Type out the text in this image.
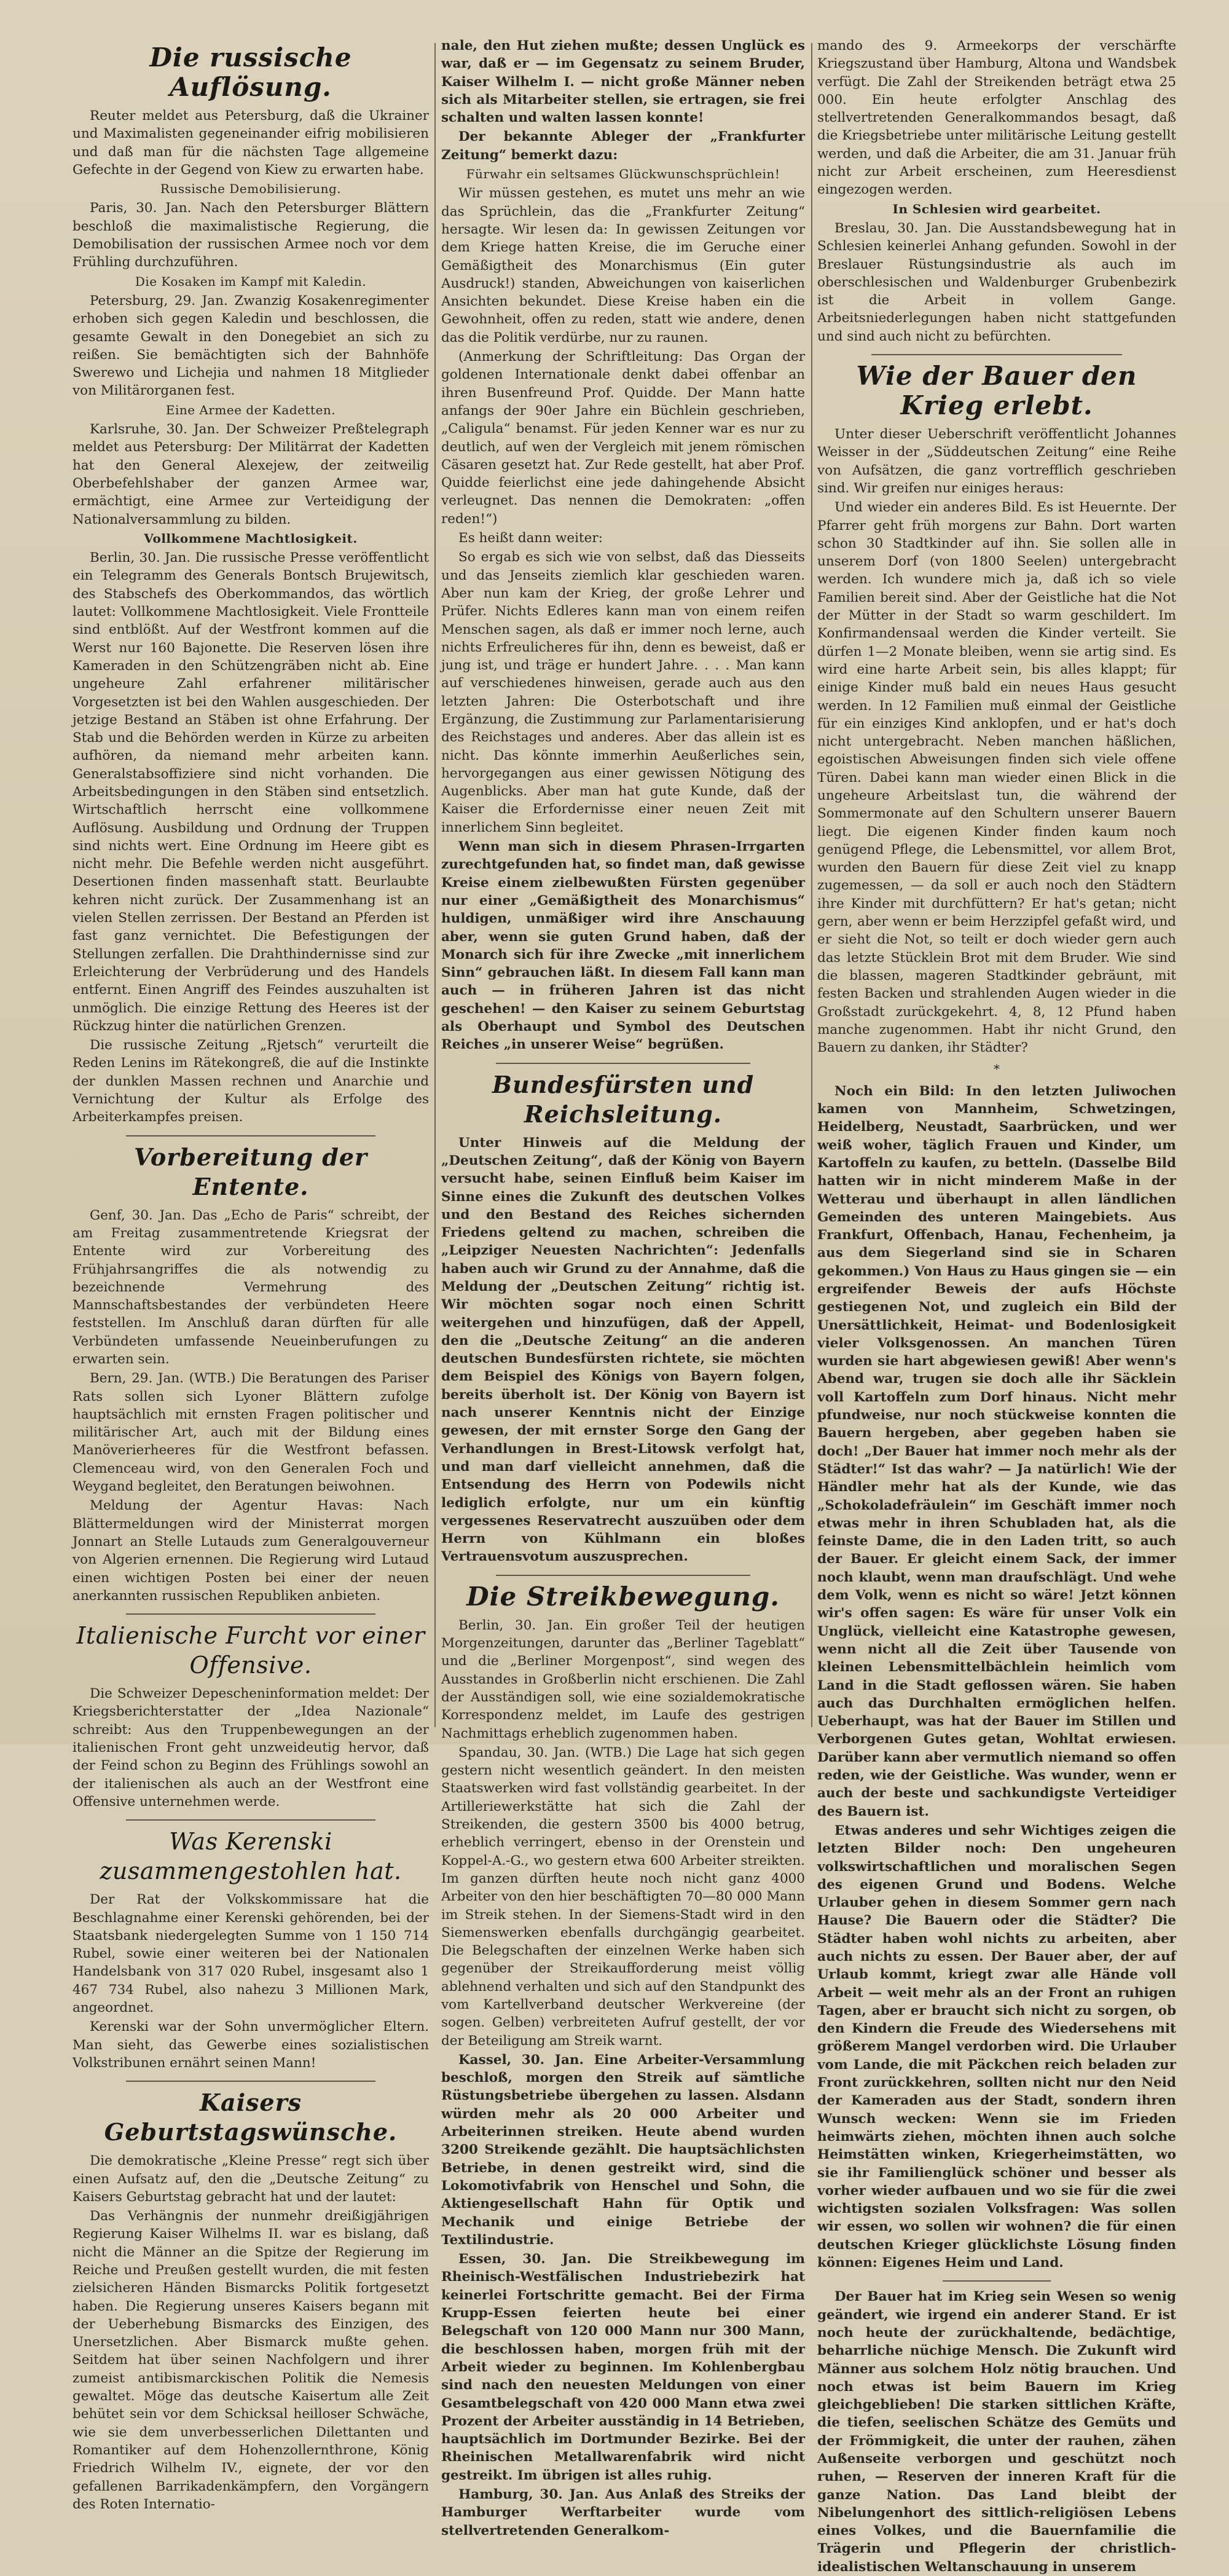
Die russische Auflösung.

Reuter meldet aus Petersburg, daß die Ukrainer und Maximalisten gegeneinander eifrig mobilisieren und daß man für die nächsten Tage allgemeine Gefechte in der Gegend von Kiew zu erwarten habe.

Russische Demobilisierung.

Paris, 30. Jan. Nach den Petersburger Blättern beschloß die maximalistische Regierung, die Demobilisation der russischen Armee noch vor dem Frühling durchzuführen.

Die Kosaken im Kampf mit Kaledin.

Petersburg, 29. Jan. Zwanzig Kosakenregimenter erhoben sich gegen Kaledin und beschlossen, die gesamte Gewalt in den Donegebiet an sich zu reißen. Sie bemächtigten sich der Bahnhöfe Swerewo und Lichejia und nahmen 18 Mitglieder von Militärorganen fest.

Eine Armee der Kadetten.

Karlsruhe, 30. Jan. Der Schweizer Preßtelegraph meldet aus Petersburg: Der Militärrat der Kadetten hat den General Alexejew, der zeitweilig Oberbefehlshaber der ganzen Armee war, ermächtigt, eine Armee zur Verteidigung der Nationalversammlung zu bilden.

Vollkommene Machtlosigkeit.

Berlin, 30. Jan. Die russische Presse veröffentlicht ein Telegramm des Generals Bontsch Brujewitsch, des Stabschefs des Oberkommandos, das wörtlich lautet: Vollkommene Machtlosigkeit. Viele Frontteile sind entblößt. Auf der Westfront kommen auf die Werst nur 160 Bajonette. Die Reserven lösen ihre Kameraden in den Schützengräben nicht ab. Eine ungeheure Zahl erfahrener militärischer Vorgesetzten ist bei den Wahlen ausgeschieden. Der jetzige Bestand an Stäben ist ohne Erfahrung. Der Stab und die Behörden werden in Kürze zu arbeiten aufhören, da niemand mehr arbeiten kann. Generalstabsoffiziere sind nicht vorhanden. Die Arbeitsbedingungen in den Stäben sind entsetzlich. Wirtschaftlich herrscht eine vollkommene Auflösung. Ausbildung und Ordnung der Truppen sind nichts wert. Eine Ordnung im Heere gibt es nicht mehr. Die Befehle werden nicht ausgeführt. Desertionen finden massenhaft statt. Beurlaubte kehren nicht zurück. Der Zusammenhang ist an vielen Stellen zerrissen. Der Bestand an Pferden ist fast ganz vernichtet. Die Befestigungen der Stellungen zerfallen. Die Drahthindernisse sind zur Erleichterung der Verbrüderung und des Handels entfernt. Einen Angriff des Feindes auszuhalten ist unmöglich. Die einzige Rettung des Heeres ist der Rückzug hinter die natürlichen Grenzen.

Die russische Zeitung „Rjetsch“ verurteilt die Reden Lenins im Rätekongreß, die auf die Instinkte der dunklen Massen rechnen und Anarchie und Vernichtung der Kultur als Erfolge des Arbeiterkampfes preisen.

Vorbereitung der Entente.

Genf, 30. Jan. Das „Echo de Paris“ schreibt, der am Freitag zusammentretende Kriegsrat der Entente wird zur Vorbereitung des Frühjahrsangriffes die als notwendig zu bezeichnende Vermehrung des Mannschaftsbestandes der verbündeten Heere feststellen. Im Anschluß daran dürften für alle Verbündeten umfassende Neueinberufungen zu erwarten sein.

Bern, 29. Jan. (WTB.) Die Beratungen des Pariser Rats sollen sich Lyoner Blättern zufolge hauptsächlich mit ernsten Fragen politischer und militärischer Art, auch mit der Bildung eines Manöverierheeres für die Westfront befassen. Clemenceau wird, von den Generalen Foch und Weygand begleitet, den Beratungen beiwohnen.

Meldung der Agentur Havas: Nach Blättermeldungen wird der Ministerrat morgen Jonnart an Stelle Lutauds zum Generalgouverneur von Algerien ernennen. Die Regierung wird Lutaud einen wichtigen Posten bei einer der neuen anerkannten russischen Republiken anbieten.

Italienische Furcht vor einer Offensive.

Die Schweizer Depescheninformation meldet: Der Kriegsberichterstatter der „Idea Nazionale“ schreibt: Aus den Truppenbewegungen an der italienischen Front geht unzweideutig hervor, daß der Feind schon zu Beginn des Frühlings sowohl an der italienischen als auch an der Westfront eine Offensive unternehmen werde.

Was Kerenski zusammengestohlen hat.

Der Rat der Volkskommissare hat die Beschlagnahme einer Kerenski gehörenden, bei der Staatsbank niedergelegten Summe von 1 150 714 Rubel, sowie einer weiteren bei der Nationalen Handelsbank von 317 020 Rubel, insgesamt also 1 467 734 Rubel, also nahezu 3 Millionen Mark, angeordnet.

Kerenski war der Sohn unvermöglicher Eltern. Man sieht, das Gewerbe eines sozialistischen Volkstribunen ernährt seinen Mann!

Kaisers Geburtstagswünsche.

Die demokratische „Kleine Presse“ regt sich über einen Aufsatz auf, den die „Deutsche Zeitung“ zu Kaisers Geburtstag gebracht hat und der lautet:

Das Verhängnis der nunmehr dreißigjährigen Regierung Kaiser Wilhelms II. war es bislang, daß nicht die Männer an die Spitze der Regierung im Reiche und Preußen gestellt wurden, die mit festen zielsicheren Händen Bismarcks Politik fortgesetzt haben. Die Regierung unseres Kaisers begann mit der Ueberhebung Bismarcks des Einzigen, des Unersetzlichen. Aber Bismarck mußte gehen. Seitdem hat über seinen Nachfolgern und ihrer zumeist antibismarckischen Politik die Nemesis gewaltet. Möge das deutsche Kaisertum alle Zeit behütet sein vor dem Schicksal heilloser Schwäche, wie sie dem unverbesserlichen Dilettanten und Romantiker auf dem Hohenzollernthrone, König Friedrich Wilhelm IV., eignete, der vor den gefallenen Barrikadenkämpfern, den Vorgängern des Roten Internatio-

nale, den Hut ziehen mußte; dessen Unglück es war, daß er — im Gegensatz zu seinem Bruder, Kaiser Wilhelm I. — nicht große Männer neben sich als Mitarbeiter stellen, sie ertragen, sie frei schalten und walten lassen konnte!

Der bekannte Ableger der „Frankfurter Zeitung“ bemerkt dazu:

Fürwahr ein seltsames Glückwunschsprüchlein!

Wir müssen gestehen, es mutet uns mehr an wie das Sprüchlein, das die „Frankfurter Zeitung“ hersagte. Wir lesen da: In gewissen Zeitungen vor dem Kriege hatten Kreise, die im Geruche einer Gemäßigtheit des Monarchismus (Ein guter Ausdruck!) standen, Abweichungen von kaiserlichen Ansichten bekundet. Diese Kreise haben ein die Gewohnheit, offen zu reden, statt wie andere, denen das die Politik verdürbe, nur zu raunen.

(Anmerkung der Schriftleitung: Das Organ der goldenen Internationale denkt dabei offenbar an ihren Busenfreund Prof. Quidde. Der Mann hatte anfangs der 90er Jahre ein Büchlein geschrieben, „Caligula“ benamst. Für jeden Kenner war es nur zu deutlich, auf wen der Vergleich mit jenem römischen Cäsaren gesetzt hat. Zur Rede gestellt, hat aber Prof. Quidde feierlichst eine jede dahingehende Absicht verleugnet. Das nennen die Demokraten: „offen reden!“)

Es heißt dann weiter:

So ergab es sich wie von selbst, daß das Diesseits und das Jenseits ziemlich klar geschieden waren. Aber nun kam der Krieg, der große Lehrer und Prüfer. Nichts Edleres kann man von einem reifen Menschen sagen, als daß er immer noch lerne, auch nichts Erfreulicheres für ihn, denn es beweist, daß er jung ist, und träge er hundert Jahre. . . . Man kann auf verschiedenes hinweisen, gerade auch aus den letzten Jahren: Die Osterbotschaft und ihre Ergänzung, die Zustimmung zur Parlamentarisierung des Reichstages und anderes. Aber das allein ist es nicht. Das könnte immerhin Aeußerliches sein, hervorgegangen aus einer gewissen Nötigung des Augenblicks. Aber man hat gute Kunde, daß der Kaiser die Erfordernisse einer neuen Zeit mit innerlichem Sinn begleitet.

Wenn man sich in diesem Phrasen-Irrgarten zurechtgefunden hat, so findet man, daß gewisse Kreise einem zielbewußten Fürsten gegenüber nur einer „Gemäßigtheit des Monarchismus“ huldigen, unmäßiger wird ihre Anschauung aber, wenn sie guten Grund haben, daß der Monarch sich für ihre Zwecke „mit innerlichem Sinn“ gebrauchen läßt. In diesem Fall kann man auch — in früheren Jahren ist das nicht geschehen! — den Kaiser zu seinem Geburtstag als Oberhaupt und Symbol des Deutschen Reiches „in unserer Weise“ begrüßen.

Bundesfürsten und Reichsleitung.

Unter Hinweis auf die Meldung der „Deutschen Zeitung“, daß der König von Bayern versucht habe, seinen Einfluß beim Kaiser im Sinne eines die Zukunft des deutschen Volkes und den Bestand des Reiches sichernden Friedens geltend zu machen, schreiben die „Leipziger Neuesten Nachrichten“: Jedenfalls haben auch wir Grund zu der Annahme, daß die Meldung der „Deutschen Zeitung“ richtig ist. Wir möchten sogar noch einen Schritt weitergehen und hinzufügen, daß der Appell, den die „Deutsche Zeitung“ an die anderen deutschen Bundesfürsten richtete, sie möchten dem Beispiel des Königs von Bayern folgen, bereits überholt ist. Der König von Bayern ist nach unserer Kenntnis nicht der Einzige gewesen, der mit ernster Sorge den Gang der Verhandlungen in Brest-Litowsk verfolgt hat, und man darf vielleicht annehmen, daß die Entsendung des Herrn von Podewils nicht lediglich erfolgte, nur um ein künftig vergessenes Reservatrecht auszuüben oder dem Herrn von Kühlmann ein bloßes Vertrauensvotum auszusprechen.

Die Streikbewegung.

Berlin, 30. Jan. Ein großer Teil der heutigen Morgenzeitungen, darunter das „Berliner Tageblatt“ und die „Berliner Morgenpost“, sind wegen des Ausstandes in Großberlin nicht erschienen. Die Zahl der Ausständigen soll, wie eine sozialdemokratische Korrespondenz meldet, im Laufe des gestrigen Nachmittags erheblich zugenommen haben.

Spandau, 30. Jan. (WTB.) Die Lage hat sich gegen gestern nicht wesentlich geändert. In den meisten Staatswerken wird fast vollständig gearbeitet. In der Artilleriewerkstätte hat sich die Zahl der Streikenden, die gestern 3500 bis 4000 betrug, erheblich verringert, ebenso in der Orenstein und Koppel-A.-G., wo gestern etwa 600 Arbeiter streikten. Im ganzen dürften heute noch nicht ganz 4000 Arbeiter von den hier beschäftigten 70—80 000 Mann im Streik stehen. In der Siemens-Stadt wird in den Siemenswerken ebenfalls durchgängig gearbeitet. Die Belegschaften der einzelnen Werke haben sich gegenüber der Streikaufforderung meist völlig ablehnend verhalten und sich auf den Standpunkt des vom Kartellverband deutscher Werkvereine (der sogen. Gelben) verbreiteten Aufruf gestellt, der vor der Beteiligung am Streik warnt.

Kassel, 30. Jan. Eine Arbeiter-Versammlung beschloß, morgen den Streik auf sämtliche Rüstungsbetriebe übergehen zu lassen. Alsdann würden mehr als 20 000 Arbeiter und Arbeiterinnen streiken. Heute abend wurden 3200 Streikende gezählt. Die hauptsächlichsten Betriebe, in denen gestreikt wird, sind die Lokomotivfabrik von Henschel und Sohn, die Aktiengesellschaft Hahn für Optik und Mechanik und einige Betriebe der Textilindustrie.

Essen, 30. Jan. Die Streikbewegung im Rheinisch-Westfälischen Industriebezirk hat keinerlei Fortschritte gemacht. Bei der Firma Krupp-Essen feierten heute bei einer Belegschaft von 120 000 Mann nur 300 Mann, die beschlossen haben, morgen früh mit der Arbeit wieder zu beginnen. Im Kohlenbergbau sind nach den neuesten Meldungen von einer Gesamtbelegschaft von 420 000 Mann etwa zwei Prozent der Arbeiter ausständig in 14 Betrieben, hauptsächlich im Dortmunder Bezirke. Bei der Rheinischen Metallwarenfabrik wird nicht gestreikt. Im übrigen ist alles ruhig.

Hamburg, 30. Jan. Aus Anlaß des Streiks der Hamburger Werftarbeiter wurde vom stellvertretenden Generalkom-

mando des 9. Armeekorps der verschärfte Kriegszustand über Hamburg, Altona und Wandsbek verfügt. Die Zahl der Streikenden beträgt etwa 25 000. Ein heute erfolgter Anschlag des stellvertretenden Generalkommandos besagt, daß die Kriegsbetriebe unter militärische Leitung gestellt werden, und daß die Arbeiter, die am 31. Januar früh nicht zur Arbeit erscheinen, zum Heeresdienst eingezogen werden.

In Schlesien wird gearbeitet.

Breslau, 30. Jan. Die Ausstandsbewegung hat in Schlesien keinerlei Anhang gefunden. Sowohl in der Breslauer Rüstungsindustrie als auch im oberschlesischen und Waldenburger Grubenbezirk ist die Arbeit in vollem Gange. Arbeitsniederlegungen haben nicht stattgefunden und sind auch nicht zu befürchten.

Wie der Bauer den Krieg erlebt.

Unter dieser Ueberschrift veröffentlicht Johannes Weisser in der „Süddeutschen Zeitung“ eine Reihe von Aufsätzen, die ganz vortrefflich geschrieben sind. Wir greifen nur einiges heraus:

Und wieder ein anderes Bild. Es ist Heuernte. Der Pfarrer geht früh morgens zur Bahn. Dort warten schon 30 Stadtkinder auf ihn. Sie sollen alle in unserem Dorf (von 1800 Seelen) untergebracht werden. Ich wundere mich ja, daß ich so viele Familien bereit sind. Aber der Geistliche hat die Not der Mütter in der Stadt so warm geschildert. Im Konfirmandensaal werden die Kinder verteilt. Sie dürfen 1—2 Monate bleiben, wenn sie artig sind. Es wird eine harte Arbeit sein, bis alles klappt; für einige Kinder muß bald ein neues Haus gesucht werden. In 12 Familien muß einmal der Geistliche für ein einziges Kind anklopfen, und er hat's doch nicht untergebracht. Neben manchen häßlichen, egoistischen Abweisungen finden sich viele offene Türen. Dabei kann man wieder einen Blick in die ungeheure Arbeitslast tun, die während der Sommermonate auf den Schultern unserer Bauern liegt. Die eigenen Kinder finden kaum noch genügend Pflege, die Lebensmittel, vor allem Brot, wurden den Bauern für diese Zeit viel zu knapp zugemessen, — da soll er auch noch den Städtern ihre Kinder mit durchfüttern? Er hat's getan; nicht gern, aber wenn er beim Herzzipfel gefaßt wird, und er sieht die Not, so teilt er doch wieder gern auch das letzte Stücklein Brot mit dem Bruder. Wie sind die blassen, mageren Stadtkinder gebräunt, mit festen Backen und strahlenden Augen wieder in die Großstadt zurückgekehrt. 4, 8, 12 Pfund haben manche zugenommen. Habt ihr nicht Grund, den Bauern zu danken, ihr Städter?

*

Noch ein Bild: In den letzten Juliwochen kamen von Mannheim, Schwetzingen, Heidelberg, Neustadt, Saarbrücken, und wer weiß woher, täglich Frauen und Kinder, um Kartoffeln zu kaufen, zu betteln. (Dasselbe Bild hatten wir in nicht minderem Maße in der Wetterau und überhaupt in allen ländlichen Gemeinden des unteren Maingebiets. Aus Frankfurt, Offenbach, Hanau, Fechenheim, ja aus dem Siegerland sind sie in Scharen gekommen.) Von Haus zu Haus gingen sie — ein ergreifender Beweis der aufs Höchste gestiegenen Not, und zugleich ein Bild der Unersättlichkeit, Heimat- und Bodenlosigkeit vieler Volksgenossen. An manchen Türen wurden sie hart abgewiesen gewiß! Aber wenn's Abend war, trugen sie doch alle ihr Säcklein voll Kartoffeln zum Dorf hinaus. Nicht mehr pfundweise, nur noch stückweise konnten die Bauern hergeben, aber gegeben haben sie doch! „Der Bauer hat immer noch mehr als der Städter!“ Ist das wahr? — Ja natürlich! Wie der Händler mehr hat als der Kunde, wie das „Schokoladefräulein“ im Geschäft immer noch etwas mehr in ihren Schubladen hat, als die feinste Dame, die in den Laden tritt, so auch der Bauer. Er gleicht einem Sack, der immer noch klaubt, wenn man draufschlägt. Und wehe dem Volk, wenn es nicht so wäre! Jetzt können wir's offen sagen: Es wäre für unser Volk ein Unglück, vielleicht eine Katastrophe gewesen, wenn nicht all die Zeit über Tausende von kleinen Lebensmittelbächlein heimlich vom Land in die Stadt geflossen wären. Sie haben auch das Durchhalten ermöglichen helfen. Ueberhaupt, was hat der Bauer im Stillen und Verborgenen Gutes getan, Wohltat erwiesen. Darüber kann aber vermutlich niemand so offen reden, wie der Geistliche. Was wunder, wenn er auch der beste und sachkundigste Verteidiger des Bauern ist.

Etwas anderes und sehr Wichtiges zeigen die letzten Bilder noch: Den ungeheuren volkswirtschaftlichen und moralischen Segen des eigenen Grund und Bodens. Welche Urlauber gehen in diesem Sommer gern nach Hause? Die Bauern oder die Städter? Die Städter haben wohl nichts zu arbeiten, aber auch nichts zu essen. Der Bauer aber, der auf Urlaub kommt, kriegt zwar alle Hände voll Arbeit — weit mehr als an der Front an ruhigen Tagen, aber er braucht sich nicht zu sorgen, ob den Kindern die Freude des Wiedersehens mit größerem Mangel verdorben wird. Die Urlauber vom Lande, die mit Päckchen reich beladen zur Front zurückkehren, sollten nicht nur den Neid der Kameraden aus der Stadt, sondern ihren Wunsch wecken: Wenn sie im Frieden heimwärts ziehen, möchten ihnen auch solche Heimstätten winken, Kriegerheimstätten, wo sie ihr Familienglück schöner und besser als vorher wieder aufbauen und wo sie für die zwei wichtigsten sozialen Volksfragen: Was sollen wir essen, wo sollen wir wohnen? die für einen deutschen Krieger glücklichste Lösung finden können: Eigenes Heim und Land.

Der Bauer hat im Krieg sein Wesen so wenig geändert, wie irgend ein anderer Stand. Er ist noch heute der zurückhaltende, bedächtige, beharrliche nüchige Mensch. Die Zukunft wird Männer aus solchem Holz nötig brauchen. Und noch etwas ist beim Bauern im Krieg gleichgeblieben! Die starken sittlichen Kräfte, die tiefen, seelischen Schätze des Gemüts und der Frömmigkeit, die unter der rauhen, zähen Außenseite verborgen und geschützt noch ruhen, — Reserven der inneren Kraft für die ganze Nation. Das Land bleibt der Nibelungenhort des sittlich-religiösen Lebens eines Volkes, und die Bauernfamilie die Trägerin und Pflegerin der christlich-idealistischen Weltanschauung in unserem
